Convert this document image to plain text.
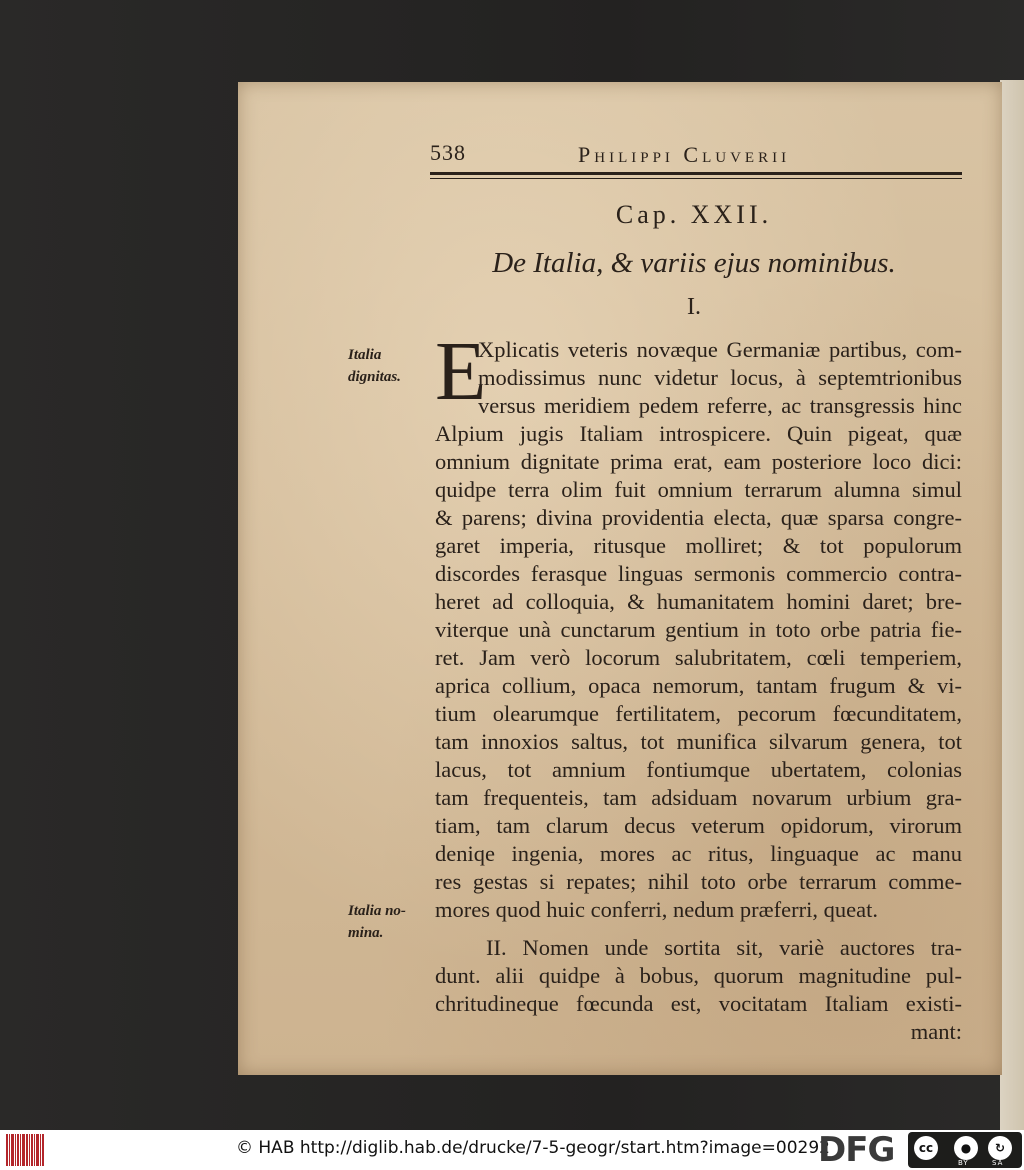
538	Philippi Cluverii
Cap. XXII.
De Italia, & variis ejus nominibus.
I.
Italia
dignitas.
Italia no-
mina.
E
Xplicatis veteris novæque Germaniæ partibus, com-
modissimus nunc videtur locus, à septemtrionibus
versus meridiem pedem referre, ac transgressis hinc
Alpium jugis Italiam introspicere. Quin pigeat, quæ
omnium dignitate prima erat, eam posteriore loco dici:
quidpe terra olim fuit omnium terrarum alumna simul
& parens; divina providentia electa, quæ sparsa congre-
garet imperia, ritusque molliret; & tot populorum
discordes ferasque linguas sermonis commercio contra-
heret ad colloquia, & humanitatem homini daret; bre-
viterque unà cunctarum gentium in toto orbe patria fie-
ret. Jam verò locorum salubritatem, cœli temperiem,
aprica collium, opaca nemorum, tantam frugum & vi-
tium olearumque fertilitatem, pecorum fœcunditatem,
tam innoxios saltus, tot munifica silvarum genera, tot
lacus, tot amnium fontiumque ubertatem, colonias
tam frequenteis, tam adsiduam novarum urbium gra-
tiam, tam clarum decus veterum opidorum, virorum
deniqe ingenia, mores ac ritus, linguaque ac manu
res gestas si repates; nihil toto orbe terrarum comme-
mores quod huic conferri, nedum præferri, queat.
II. Nomen unde sortita sit, variè auctores tra-
dunt. alii quidpe à bobus, quorum magnitudine pul-
chritudineque fœcunda est, vocitatam Italiam existi-
mant:
© HAB http://diglib.hab.de/drucke/7-5-geogr/start.htm?image=00292
DFG	cc	●	↻
BY	SA
